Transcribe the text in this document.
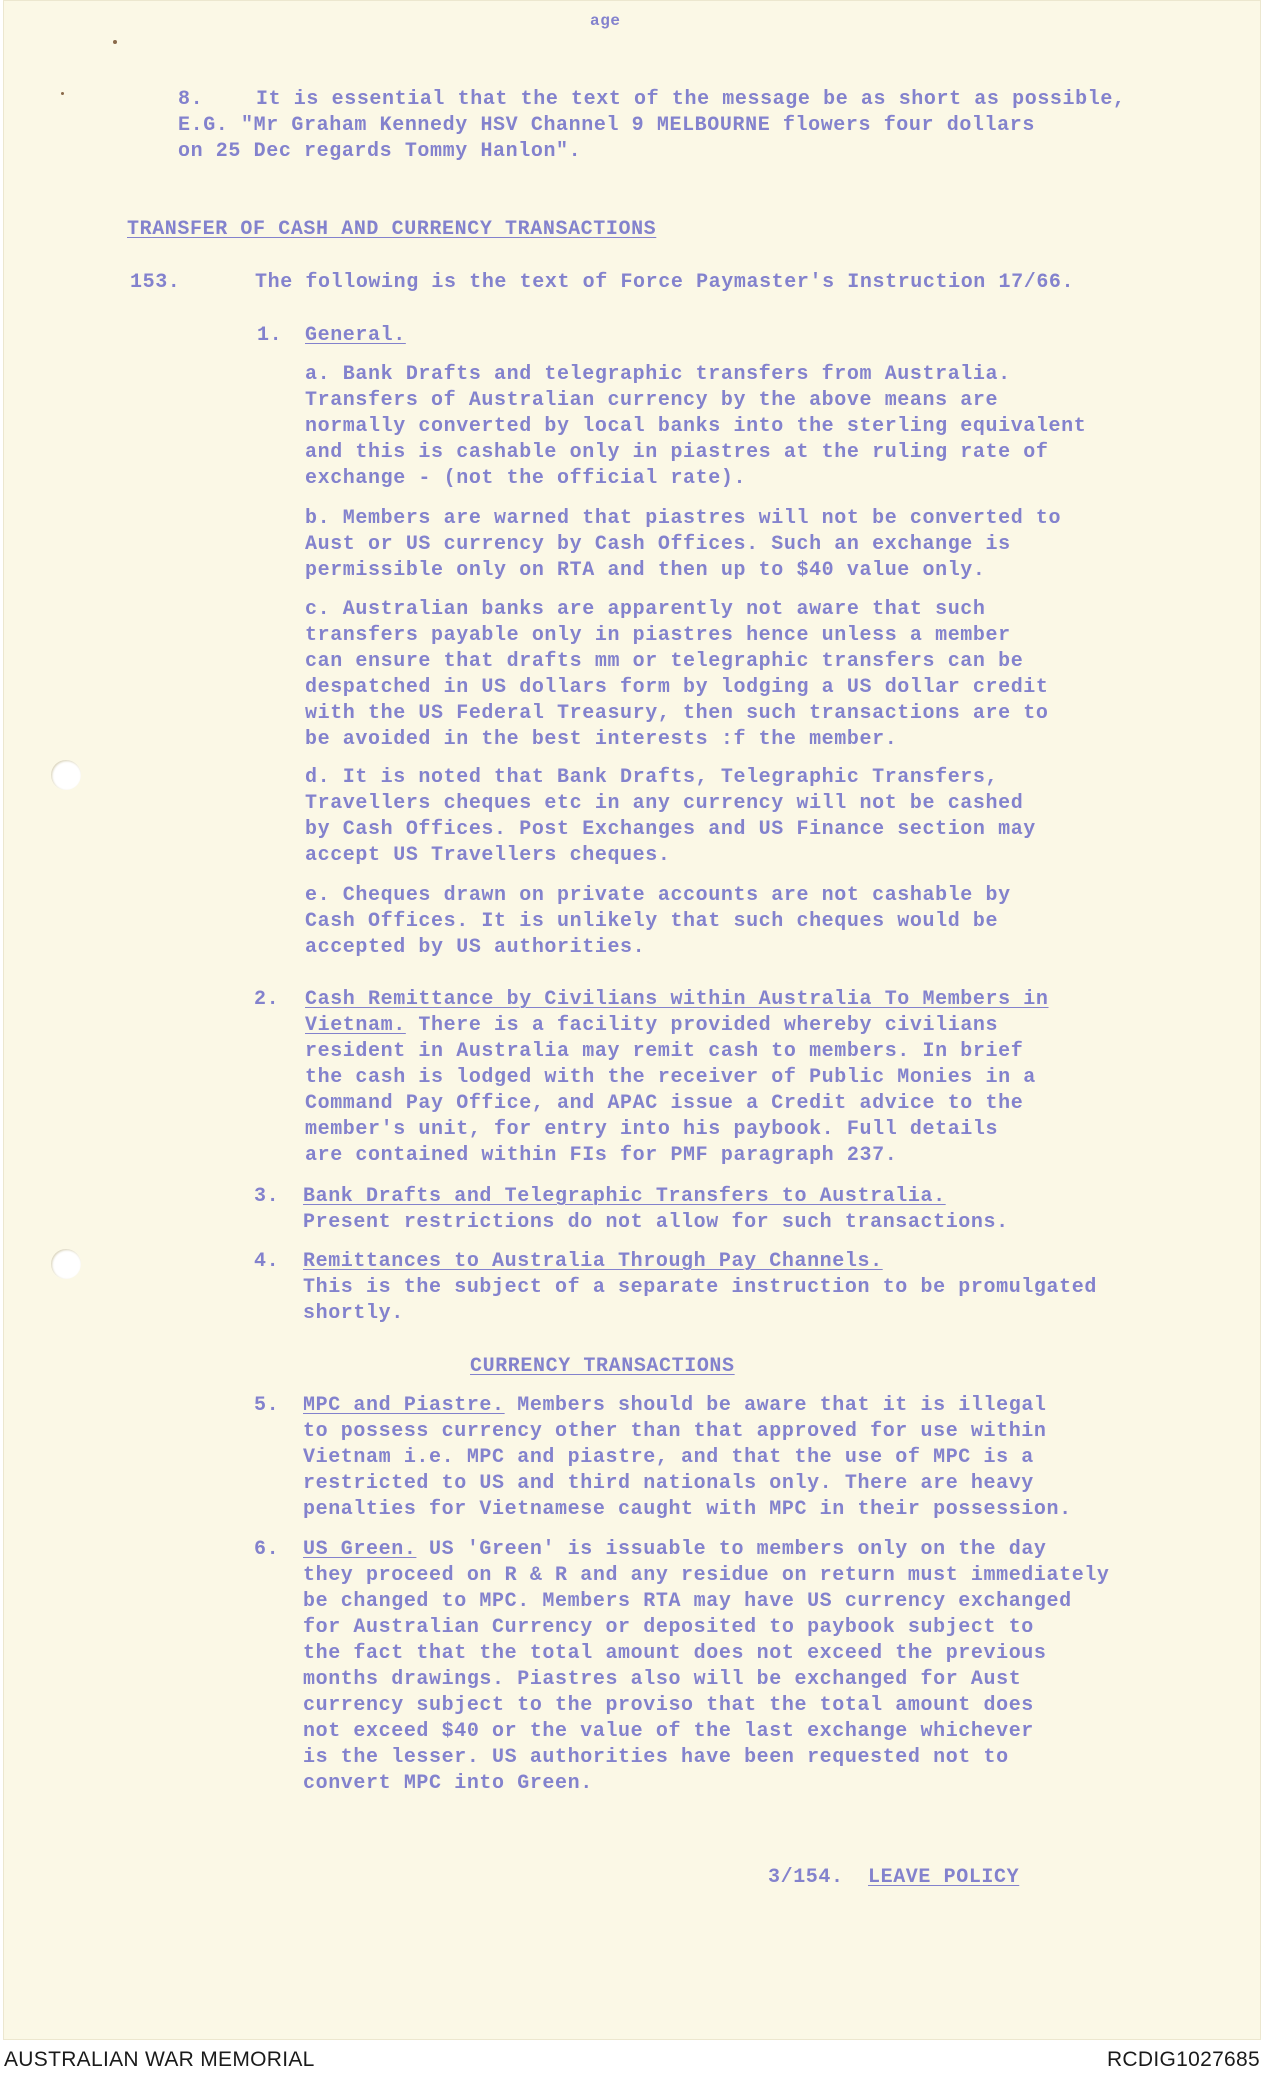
age
8.	It is essential that the text of the message be as short as possible,
E.G. "Mr Graham Kennedy HSV Channel 9 MELBOURNE flowers four dollars
on 25 Dec regards Tommy Hanlon".
TRANSFER OF CASH AND CURRENCY TRANSACTIONS
153.	The following is the text of Force Paymaster's Instruction 17/66.
1. General.
a. Bank Drafts and telegraphic transfers from Australia.
Transfers of Australian currency by the above means are
normally converted by local banks into the sterling equivalent
and this is cashable only in piastres at the ruling rate of
exchange - (not the official rate).
b. Members are warned that piastres will not be converted to
Aust or US currency by Cash Offices. Such an exchange is
permissible only on RTA and then up to $40 value only.
c. Australian banks are apparently not aware that such
transfers payable only in piastres hence unless a member
can ensure that drafts mm or telegraphic transfers can be
despatched in US dollars form by lodging a US dollar credit
with the US Federal Treasury, then such transactions are to
be avoided in the best interests :f the member.
d. It is noted that Bank Drafts, Telegraphic Transfers,
Travellers cheques etc in any currency will not be cashed
by Cash Offices. Post Exchanges and US Finance section may
accept US Travellers cheques.
e. Cheques drawn on private accounts are not cashable by
Cash Offices. It is unlikely that such cheques would be
accepted by US authorities.
2. Cash Remittance by Civilians within Australia To Members in
Vietnam. There is a facility provided whereby civilians
resident in Australia may remit cash to members. In brief
the cash is lodged with the receiver of Public Monies in a
Command Pay Office, and APAC issue a Credit advice to the
member's unit, for entry into his paybook. Full details
are contained within FIs for PMF paragraph 237.
3. Bank Drafts and Telegraphic Transfers to Australia.
Present restrictions do not allow for such transactions.
4. Remittances to Australia Through Pay Channels.
This is the subject of a separate instruction to be promulgated
shortly.
CURRENCY TRANSACTIONS
5. MPC and Piastre. Members should be aware that it is illegal
to possess currency other than that approved for use within
Vietnam i.e. MPC and piastre, and that the use of MPC is a
restricted to US and third nationals only. There are heavy
penalties for Vietnamese caught with MPC in their possession.
6. US Green. US 'Green' is issuable to members only on the day
they proceed on R & R and any residue on return must immediately
be changed to MPC. Members RTA may have US currency exchanged
for Australian Currency or deposited to paybook subject to
the fact that the total amount does not exceed the previous
months drawings. Piastres also will be exchanged for Aust
currency subject to the proviso that the total amount does
not exceed $40 or the value of the last exchange whichever
is the lesser. US authorities have been requested not to
convert MPC into Green.
3/154. LEAVE POLICY
AUSTRALIAN WAR MEMORIAL	RCDIG1027685
